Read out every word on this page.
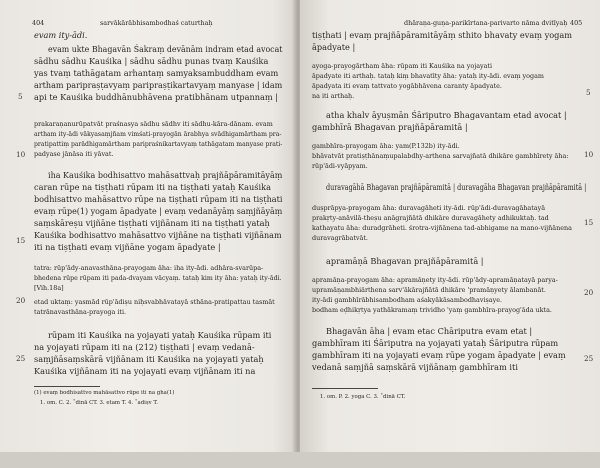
404	sarvākārābhisambodhaś caturthaḥ
evam ity-ādi.
evam ukte Bhagavān Śakraṃ devānām indram etad avocat
sādhu sādhu Kauśika | sādhu sādhu punas tvaṃ Kauśika
yas tvaṃ tathāgatam arhantaṃ samyaksambuddham evam
artham paripraṣṭavyaṃ paripraṣṭikartavyaṃ manyase | idam
api te Kauśika buddhānubhāvena pratibhānam utpannaṃ |
prakaraṇanurūpatvāt praśnasya sādhu sādhv iti sādhu-kāra-dānam. evam
artham ity-ādi vākyasaṃjñam vimśati-prayogān ārabhya svādhigamārtham pra-
pratipattiṃ parādhigamārtham paripraśnikartavyaṃ tathāgatam manyase prati-
padyase jānāsa iti yāvat.
iha Kauśika bodhisattvo mahāsattvaḥ prajñāpāramitāyāṃ
caran rūpe na tiṣṭhati rūpam iti na tiṣṭhati yataḥ Kauśika
bodhisattvo mahāsattvo rūpe na tiṣṭhati rūpam iti na tiṣṭhati
evaṃ rūpe(1) yogam āpadyate | evaṃ vedanāyāṃ saṃjñāyāṃ
saṃskāreṣu vijñāne tiṣṭhati vijñānam iti na tiṣṭhati yataḥ
Kauśika bodhisattvo mahāsattvo vijñāne na tiṣṭhati vijñānam
iti na tiṣṭhati evaṃ vijñāne yogam āpadyate |
tatra: rūp'ādy-anavasthāna-prayogam āha: iha ity-ādi. adhāra-svarūpa-
bhedena rūpe rūpam iti pada-dvayam vācyaṃ. tataḥ kim ity āha: yataḥ ity-ādi.
[Vih.18a]
etad uktaṃ: yasmād rūp'ādiṣu niḥsvabhāvatayā sthāna-pratipattau tasmāt
tatrānavasthāna-prayoga iti.
rūpam iti Kauśika na yojayati yataḥ Kauśika rūpam iti
na yojayati rūpam iti na (212) tiṣṭhati | evaṃ vedanā-
saṃjñāsaṃskārā vijñānam iti Kauśika na yojayati yataḥ
Kauśika vijñānam iti na yojayati evaṃ vijñānam iti na
(1) evaṃ bodhisattvo mahāsattvo rūpe iti na gha(1)
1. om. C. 2. ˚dinā CT. 3. etam T. 4. ˚adiṣv T.
5
10
15
20
25
dhāraṇa-guṇa-parikīrtana-parivarto nāma dvitīyaḥ 405
tiṣṭhati | evaṃ prajñāpāramitāyāṃ sthito bhavaty evaṃ yogam
āpadyate |
ayoga-prayogārtham āha: rūpam iti Kauśika na yojayati
āpadyate iti arthaḥ. tataḥ kiṃ bhavatīty āha: yataḥ ity-ādi. evaṃ yogam
āpadyata iti evaṃ tattvato yogābhāvena caranty āpadyate.
na iti arthaḥ.
atha khalv āyuṣmān Śāriputro Bhagavantam etad avocat |
gambhīrā Bhagavan prajñāpāramitā |
gambhīra-prayogam āha: yam(P.132b) ity-ādi.
bhāvatvāt pratiṣṭhānaṃupalabdhy-arthena sarvajñatā dhikāre gambhīrety āha:
rūp'ādi-vyāpyam.
duravagāhā Bhagavan prajñāpāramitā | duravagāha Bhagavan prajñāpāramitā |
duṣprāpya-prayogam āha: duravagāheti ity-ādi. rūp'ādi-duravagāhatayā
prakṛty-anāvilā-theṣu anāgrajñātā dhikāre duravagāhety adhikuktaḥ. tad
kathayatu āha: duradgrāheti. śrotra-vijñānena tad-abhigame na mano-vijñānena
duravagrābatvāt.
apramāṇā Bhagavan prajñāpāramitā |
apramāṇa-prayogam āha: apramāṇety ity-ādi. rūp'ādy-apramāṇatayā parya-
upramāṇambhiärthena sarv'ākārajñātā dhikāre 'pramāṇyety ālambanāt.
ity-ādi gambhīrābhisambodham aśakyākāsambodhaviṣaye.
bodham eḍhikṛtya yathākramaṃ trividho 'yaṃ gambhīra-prayog'āda ukta.
Bhagavān āha | evam etac Chāriputra evam etat |
gambhīram iti Śāriputra na yojayati yataḥ Śāriputra rūpam
gambhīram iti na yojayati evaṃ rūpe yogam āpadyate | evaṃ
vedanā saṃjñā saṃskārā vijñānaṃ gambhīram iti
1. om. P. 2. yoga C. 3. ˚dinā CT.
5
10
15
20
25
